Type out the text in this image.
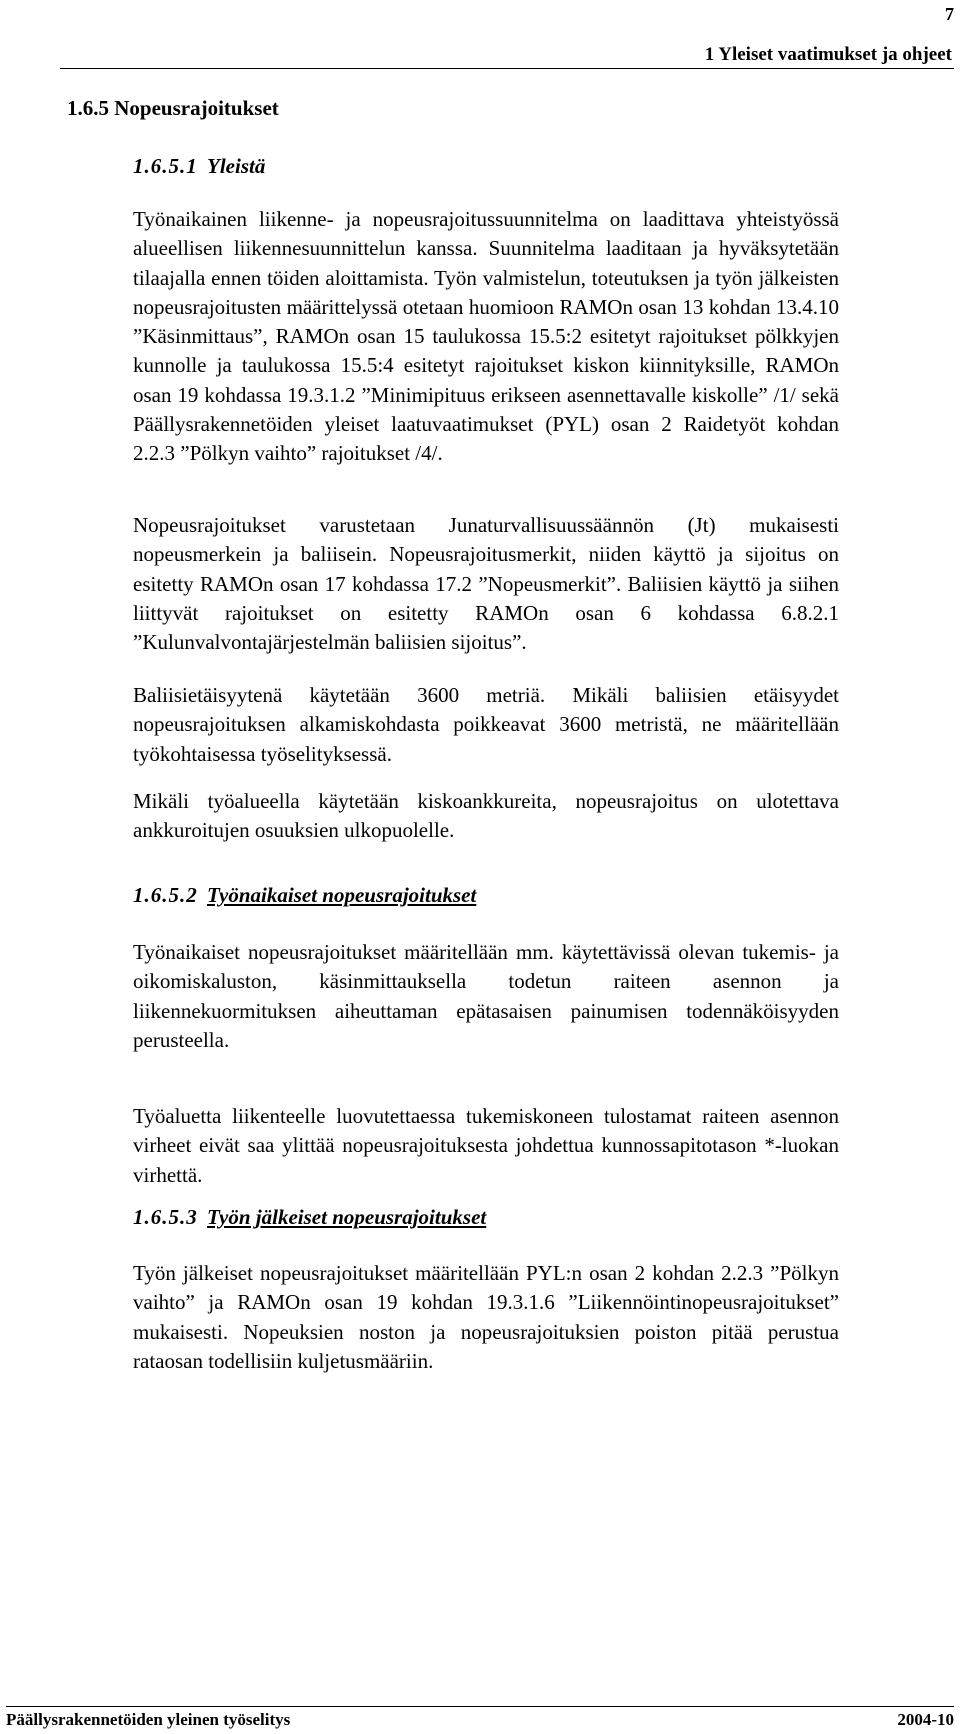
7
1 Yleiset vaatimukset ja ohjeet
1.6.5 Nopeusrajoitukset
1.6.5.1 Yleistä

Työnaikainen liikenne- ja nopeusrajoitussuunnitelma on laadittava yhteistyössä alueellisen liikennesuunnittelun kanssa. Suunnitelma laaditaan ja hyväksytetään tilaajalla ennen töiden aloittamista. Työn valmistelun, toteutuksen ja työn jälkeisten nopeusrajoitusten määrittelyssä otetaan huomioon RAMOn osan 13 kohdan 13.4.10 ”Käsinmittaus”, RAMOn osan 15 taulukossa 15.5:2 esitetyt rajoitukset pölkkyjen kunnolle ja taulukossa 15.5:4 esitetyt rajoitukset kiskon kiinnityksille, RAMOn osan 19 kohdassa 19.3.1.2 ”Minimipituus erikseen asennettavalle kiskolle” /1/ sekä Päällysrakennetöiden yleiset laatuvaatimukset (PYL) osan 2 Raidetyöt kohdan 2.2.3 ”Pölkyn vaihto” rajoitukset /4/.

Nopeusrajoitukset varustetaan Junaturvallisuussäännön (Jt) mukaisesti nopeusmerkein ja baliisein. Nopeusrajoitusmerkit, niiden käyttö ja sijoitus on esitetty RAMOn osan 17 kohdassa 17.2 ”Nopeusmerkit”. Baliisien käyttö ja siihen liittyvät rajoitukset on esitetty RAMOn osan 6 kohdassa 6.8.2.1 ”Kulunvalvontajärjestelmän baliisien sijoitus”.

Baliisietäisyytenä käytetään 3600 metriä. Mikäli baliisien etäisyydet nopeusrajoituksen alkamiskohdasta poikkeavat 3600 metristä, ne määritellään työkohtaisessa työselityksessä.

Mikäli työalueella käytetään kiskoankkureita, nopeusrajoitus on ulotettava ankkuroitujen osuuksien ulkopuolelle.

1.6.5.2 Työnaikaiset nopeusrajoitukset

Työnaikaiset nopeusrajoitukset määritellään mm. käytettävissä olevan tukemis- ja oikomiskaluston, käsinmittauksella todetun raiteen asennon ja liikennekuormituksen aiheuttaman epätasaisen painumisen todennäköisyyden perusteella.

Työaluetta liikenteelle luovutettaessa tukemiskoneen tulostamat raiteen asennon virheet eivät saa ylittää nopeusrajoituksesta johdettua kunnossapitotason *-luokan virhettä.

1.6.5.3 Työn jälkeiset nopeusrajoitukset

Työn jälkeiset nopeusrajoitukset määritellään PYL:n osan 2 kohdan 2.2.3 ”Pölkyn vaihto” ja RAMOn osan 19 kohdan 19.3.1.6 ”Liikennöintinopeusrajoitukset” mukaisesti. Nopeuksien noston ja nopeusrajoituksien poiston pitää perustua rataosan todellisiin kuljetusmääriin.

Päällysrakennetöiden yleinen työselitys	2004-10
